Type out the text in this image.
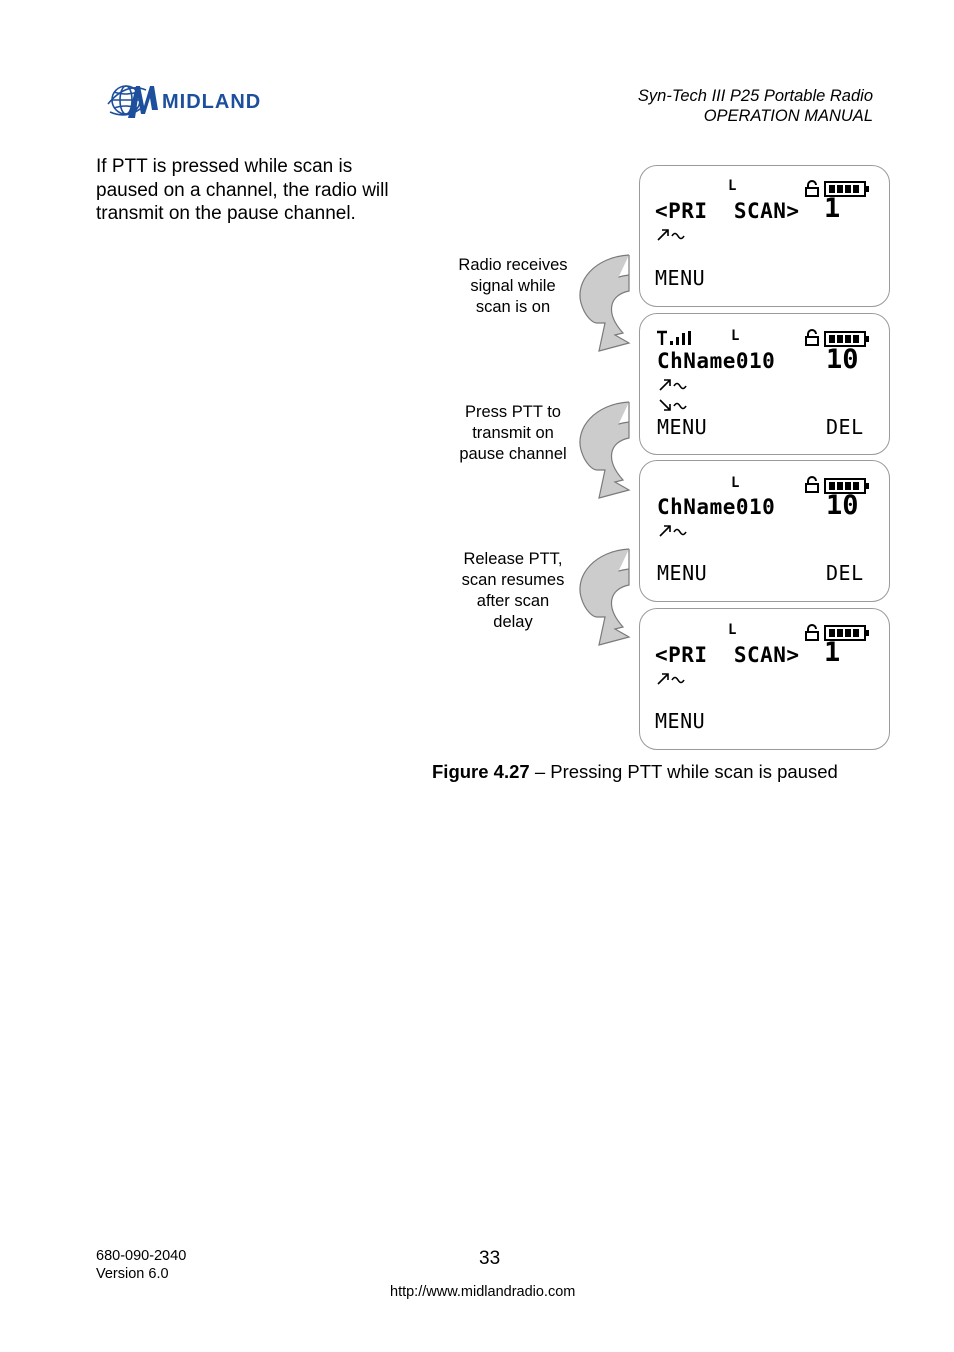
MIDLAND	Syn-Tech III P25 Portable Radio
OPERATION MANUAL
If PTT is pressed while scan is paused on a channel, the radio will transmit on the pause channel.
Radio receives signal while scan is on
Press PTT to transmit on pause channel
Release PTT, scan resumes after scan delay
L
<PRI  SCAN> 1
MENU
L
ChName010 10
MENU	DEL
L
ChName010 10
MENU	DEL
L
<PRI  SCAN> 1
MENU
Figure 4.27 – Pressing PTT while scan is paused
680-090-2040
Version 6.0
33
http://www.midlandradio.com
